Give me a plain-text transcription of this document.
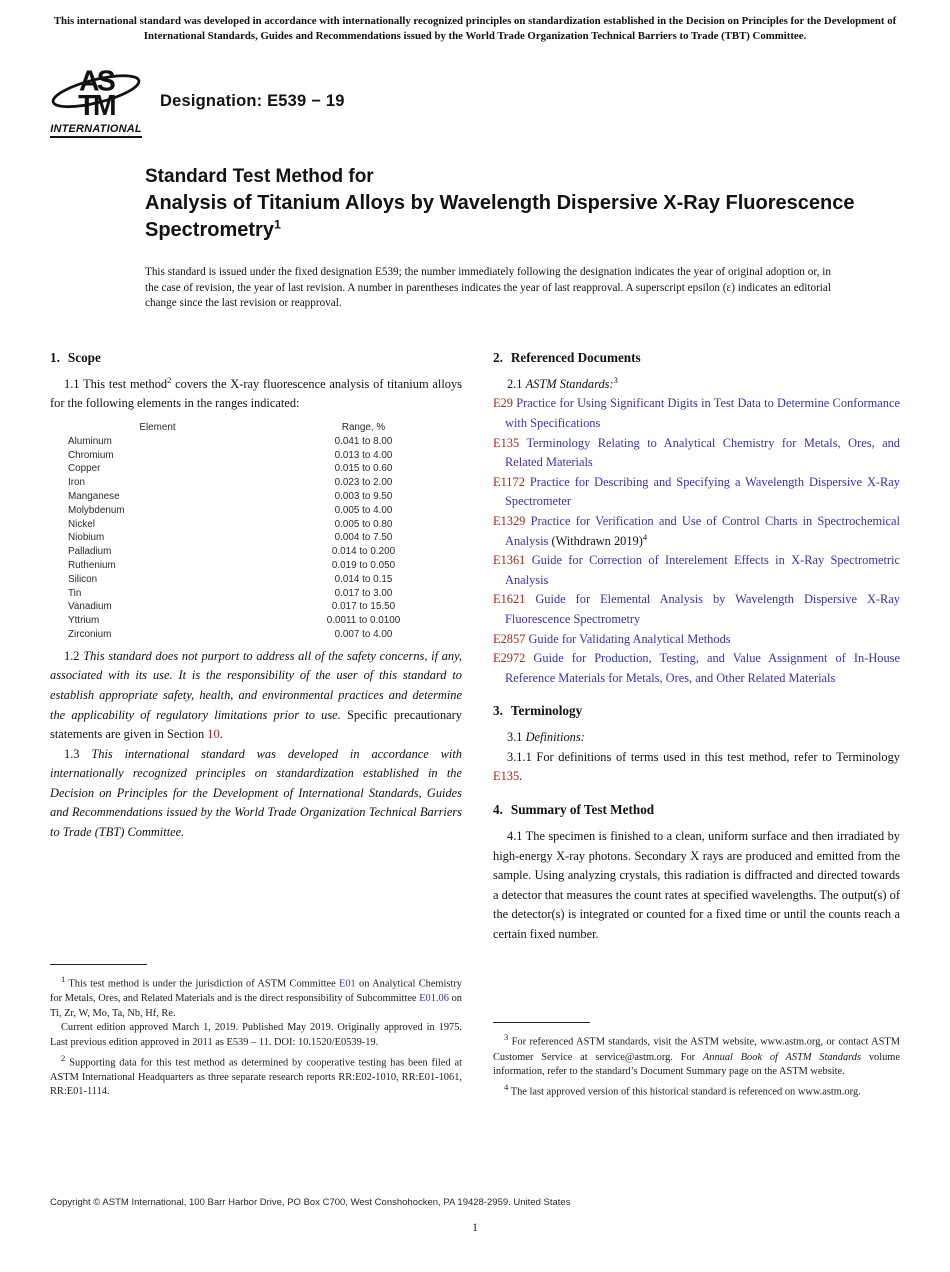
This international standard was developed in accordance with internationally recognized principles on standardization established in the Decision on Principles for the Development of International Standards, Guides and Recommendations issued by the World Trade Organization Technical Barriers to Trade (TBT) Committee.
AS
TM
INTERNATIONAL
Designation: E539 − 19
Standard Test Method for
Analysis of Titanium Alloys by Wavelength Dispersive X-Ray Fluorescence Spectrometry$^1$
This standard is issued under the fixed designation E539; the number immediately following the designation indicates the year of original adoption or, in the case of revision, the year of last revision. A number in parentheses indicates the year of last reapproval. A superscript epsilon (ε) indicates an editorial change since the last revision or reapproval.
1. Scope

1.1 This test method$^2$ covers the X-ray fluorescence analysis of titanium alloys for the following elements in the ranges indicated:

Element	Range, %
Aluminum	0.041 to 8.00
Chromium	0.013 to 4.00
Copper	0.015 to 0.60
Iron	0.023 to 2.00
Manganese	0.003 to 9.50
Molybdenum	0.005 to 4.00
Nickel	0.005 to 0.80
Niobium	0.004 to 7.50
Palladium	0.014 to 0.200
Ruthenium	0.019 to 0.050
Silicon	0.014 to 0.15
Tin	0.017 to 3.00
Vanadium	0.017 to 15.50
Yttrium	0.0011 to 0.0100
Zirconium	0.007 to 4.00

1.2 This standard does not purport to address all of the safety concerns, if any, associated with its use. It is the responsibility of the user of this standard to establish appropriate safety, health, and environmental practices and determine the applicability of regulatory limitations prior to use. Specific precautionary statements are given in Section 10.

1.3 This international standard was developed in accordance with internationally recognized principles on standardization established in the Decision on Principles for the Development of International Standards, Guides and Recommendations issued by the World Trade Organization Technical Barriers to Trade (TBT) Committee.

$^1$ This test method is under the jurisdiction of ASTM Committee E01 on Analytical Chemistry for Metals, Ores, and Related Materials and is the direct responsibility of Subcommittee E01.06 on Ti, Zr, W, Mo, Ta, Nb, Hf, Re.

Current edition approved March 1, 2019. Published May 2019. Originally approved in 1975. Last previous edition approved in 2011 as E539 – 11. DOI: 10.1520/E0539-19.

$^2$ Supporting data for this test method as determined by cooperative testing has been filed at ASTM International Headquarters as three separate research reports RR:E02-1010, RR:E01-1061, RR:E01-1114.

2. Referenced Documents

2.1 ASTM Standards:$^3$

E29 Practice for Using Significant Digits in Test Data to Determine Conformance with Specifications

E135 Terminology Relating to Analytical Chemistry for Metals, Ores, and Related Materials

E1172 Practice for Describing and Specifying a Wavelength Dispersive X-Ray Spectrometer

E1329 Practice for Verification and Use of Control Charts in Spectrochemical Analysis (Withdrawn 2019)$^4$

E1361 Guide for Correction of Interelement Effects in X-Ray Spectrometric Analysis

E1621 Guide for Elemental Analysis by Wavelength Dispersive X-Ray Fluorescence Spectrometry

E2857 Guide for Validating Analytical Methods

E2972 Guide for Production, Testing, and Value Assignment of In-House Reference Materials for Metals, Ores, and Other Related Materials

3. Terminology

3.1 Definitions:

3.1.1 For definitions of terms used in this test method, refer to Terminology E135.

4. Summary of Test Method

4.1 The specimen is finished to a clean, uniform surface and then irradiated by high-energy X-ray photons. Secondary X rays are produced and emitted from the sample. Using analyzing crystals, this radiation is diffracted and directed towards a detector that measures the count rates at specified wavelengths. The output(s) of the detector(s) is integrated or counted for a fixed time or until the counts reach a certain fixed number.

$^3$ For referenced ASTM standards, visit the ASTM website, www.astm.org, or contact ASTM Customer Service at service@astm.org. For Annual Book of ASTM Standards volume information, refer to the standard’s Document Summary page on the ASTM website.

$^4$ The last approved version of this historical standard is referenced on www.astm.org.

Copyright © ASTM International, 100 Barr Harbor Drive, PO Box C700, West Conshohocken, PA 19428-2959. United States
1
